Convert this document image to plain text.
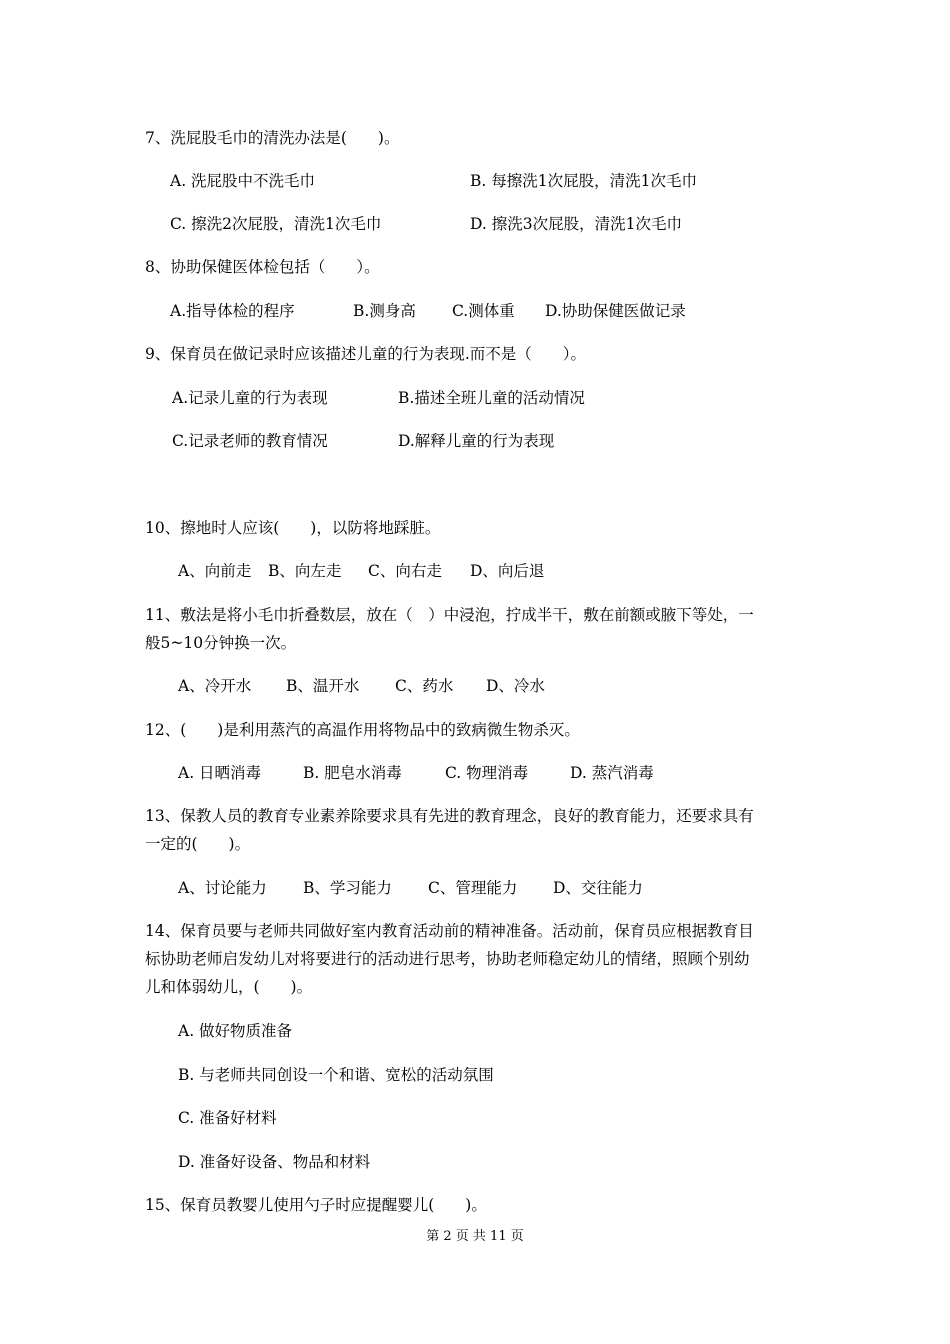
7、洗屁股毛巾的清洗办法是(　　)。
A. 洗屁股中不洗毛巾	B. 每擦洗1次屁股，清洗1次毛巾
C. 擦洗2次屁股，清洗1次毛巾	D. 擦洗3次屁股，清洗1次毛巾
8、协助保健医体检包括（　　）。
A.指导体检的程序	B.测身高 C.测体重 D.协助保健医做记录
9、保育员在做记录时应该描述儿童的行为表现.而不是（　　）。
A.记录儿童的行为表现	B.描述全班儿童的活动情况
C.记录老师的教育情况	D.解释儿童的行为表现
10、擦地时人应该(　　)，以防将地踩脏。
A、向前走 B、向左走 C、向右走 D、向后退
11、敷法是将小毛巾折叠数层，放在（　）中浸泡，拧成半干，敷在前额或腋下等处，一
般5~10分钟换一次。
A、冷开水 B、温开水 C、药水 D、冷水
12、(　　)是利用蒸汽的高温作用将物品中的致病微生物杀灭。
A. 日晒消毒	B. 肥皂水消毒	C. 物理消毒	D. 蒸汽消毒
13、保教人员的教育专业素养除要求具有先进的教育理念，良好的教育能力，还要求具有
一定的(　　)。
A、讨论能力 B、学习能力 C、管理能力 D、交往能力
14、保育员要与老师共同做好室内教育活动前的精神准备。活动前，保育员应根据教育目
标协助老师启发幼儿对将要进行的活动进行思考，协助老师稳定幼儿的情绪，照顾个别幼
儿和体弱幼儿，(　　)。
A. 做好物质准备
B. 与老师共同创设一个和谐、宽松的活动氛围
C. 准备好材料
D. 准备好设备、物品和材料
15、保育员教婴儿使用勺子时应提醒婴儿(　　)。
第 2 页 共 11 页
